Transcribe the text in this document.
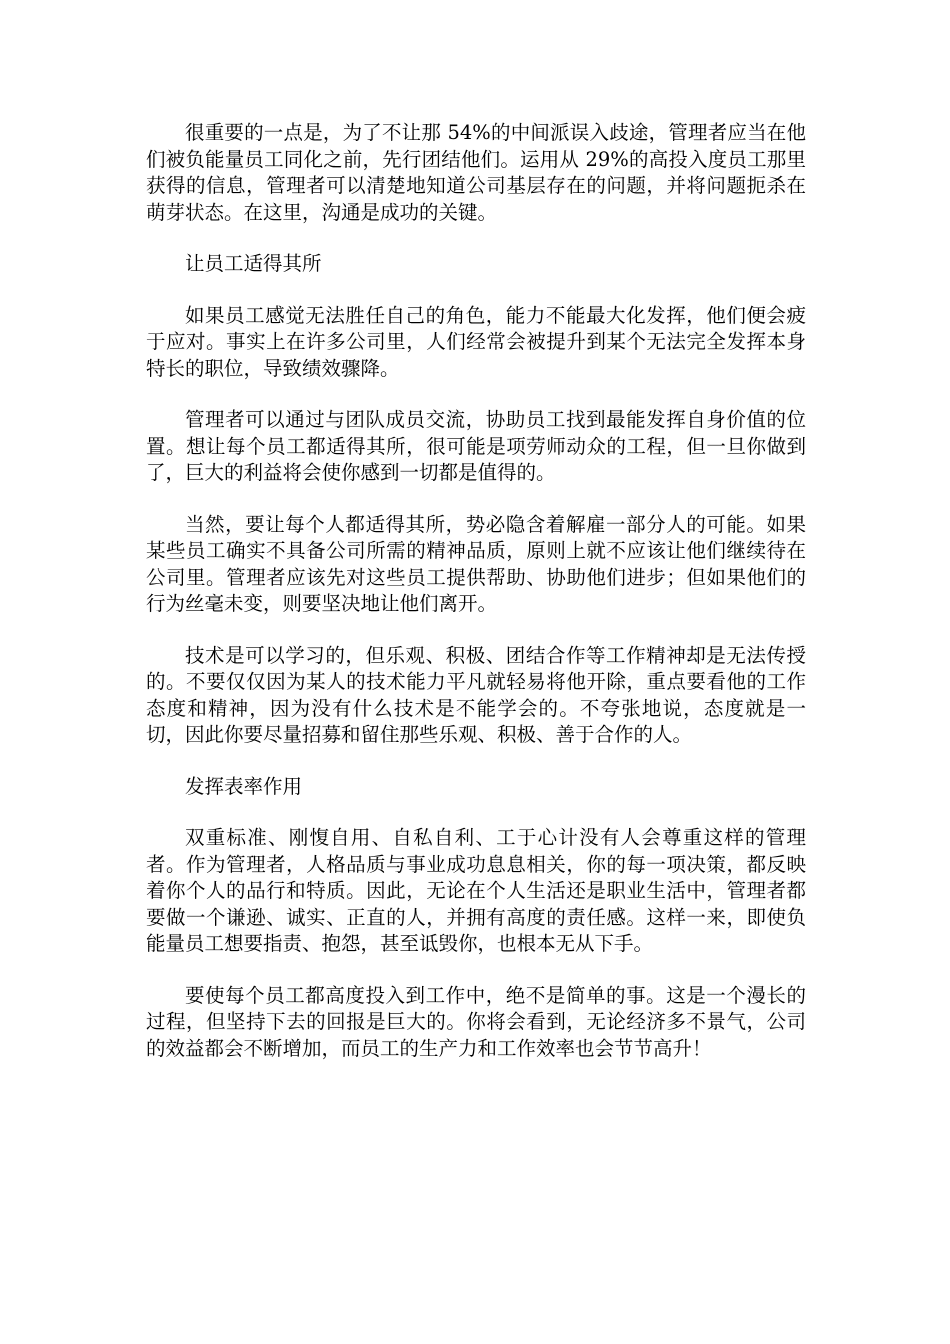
很重要的一点是，为了不让那 54%的中间派误入歧途，管理者应当在他们被负能量员工同化之前，先行团结他们。运用从 29%的高投入度员工那里获得的信息，管理者可以清楚地知道公司基层存在的问题，并将问题扼杀在萌芽状态。在这里，沟通是成功的关键。

让员工适得其所

如果员工感觉无法胜任自己的角色，能力不能最大化发挥，他们便会疲于应对。事实上在许多公司里，人们经常会被提升到某个无法完全发挥本身特长的职位，导致绩效骤降。

管理者可以通过与团队成员交流，协助员工找到最能发挥自身价值的位置。想让每个员工都适得其所，很可能是项劳师动众的工程，但一旦你做到了，巨大的利益将会使你感到一切都是值得的。

当然，要让每个人都适得其所，势必隐含着解雇一部分人的可能。如果某些员工确实不具备公司所需的精神品质，原则上就不应该让他们继续待在公司里。管理者应该先对这些员工提供帮助、协助他们进步；但如果他们的行为丝毫未变，则要坚决地让他们离开。

技术是可以学习的，但乐观、积极、团结合作等工作精神却是无法传授的。不要仅仅因为某人的技术能力平凡就轻易将他开除，重点要看他的工作态度和精神，因为没有什么技术是不能学会的。不夸张地说，态度就是一切，因此你要尽量招募和留住那些乐观、积极、善于合作的人。

发挥表率作用

双重标准、刚愎自用、自私自利、工于心计没有人会尊重这样的管理者。作为管理者，人格品质与事业成功息息相关，你的每一项决策，都反映着你个人的品行和特质。因此，无论在个人生活还是职业生活中，管理者都要做一个谦逊、诚实、正直的人，并拥有高度的责任感。这样一来，即使负能量员工想要指责、抱怨，甚至诋毁你，也根本无从下手。

要使每个员工都高度投入到工作中，绝不是简单的事。这是一个漫长的过程，但坚持下去的回报是巨大的。你将会看到，无论经济多不景气，公司的效益都会不断增加，而员工的生产力和工作效率也会节节高升！
